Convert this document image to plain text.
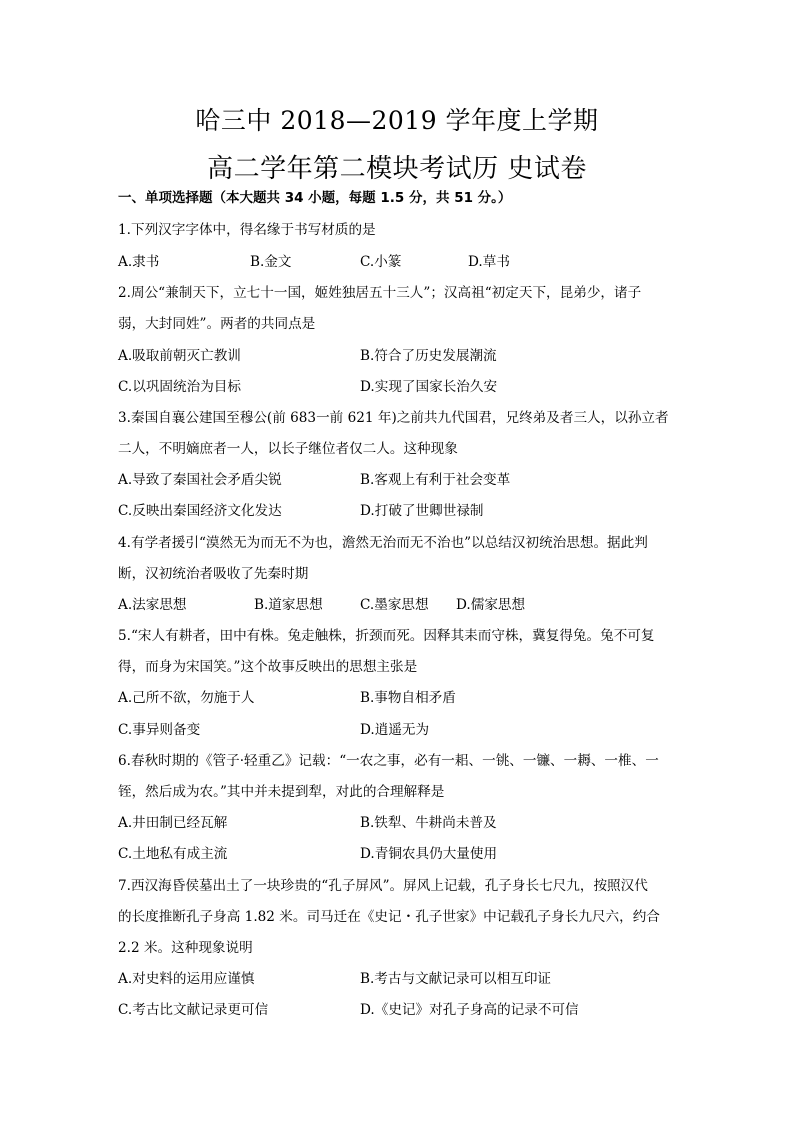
哈三中 2018—2019 学年度上学期
高二学年第二模块考试历 史试卷
一、单项选择题（本大题共 34 小题，每题 1.5 分，共 51 分。）
1.下列汉字字体中，得名缘于书写材质的是
A.隶书	B.金文	C.小篆	D.草书
2.周公“兼制天下，立七十一国，姬姓独居五十三人”；汉高祖“初定天下，昆弟少，诸子
弱，大封同姓”。两者的共同点是
A.吸取前朝灭亡教训	B.符合了历史发展潮流
C.以巩固统治为目标	D.实现了国家长治久安
3.秦国自襄公建国至穆公(前 683一前 621 年)之前共九代国君，兄终弟及者三人，以孙立者
二人，不明嫡庶者一人，以长子继位者仅二人。这种现象
A.导致了秦国社会矛盾尖锐	B.客观上有利于社会变革
C.反映出秦国经济文化发达	D.打破了世卿世禄制
4.有学者援引“漠然无为而无不为也，澹然无治而无不治也”以总结汉初统治思想。据此判
断，汉初统治者吸收了先秦时期
A.法家思想	B.道家思想	C.墨家思想 D.儒家思想
5.“宋人有耕者，田中有株。兔走触株，折颈而死。因释其耒而守株，冀复得兔。兔不可复
得，而身为宋国笑。”这个故事反映出的思想主张是
A.己所不欲，勿施于人	B.事物自相矛盾
C.事异则备变	D.逍遥无为
6.春秋时期的《管子·轻重乙》记载：“一农之事，必有一耜、一铫、一镰、一耨、一椎、一
铚，然后成为农。”其中并未提到犁，对此的合理解释是
A.井田制已经瓦解	B.铁犁、牛耕尚未普及
C.土地私有成主流	D.青铜农具仍大量使用
7.西汉海昏侯墓出土了一块珍贵的“孔子屏风”。屏风上记载，孔子身长七尺九，按照汉代
的长度推断孔子身高 1.82 米。司马迁在《史记・孔子世家》中记载孔子身长九尺六，约合
2.2 米。这种现象说明
A.对史料的运用应谨慎	B.考古与文献记录可以相互印证
C.考古比文献记录更可信	D.《史记》对孔子身高的记录不可信
